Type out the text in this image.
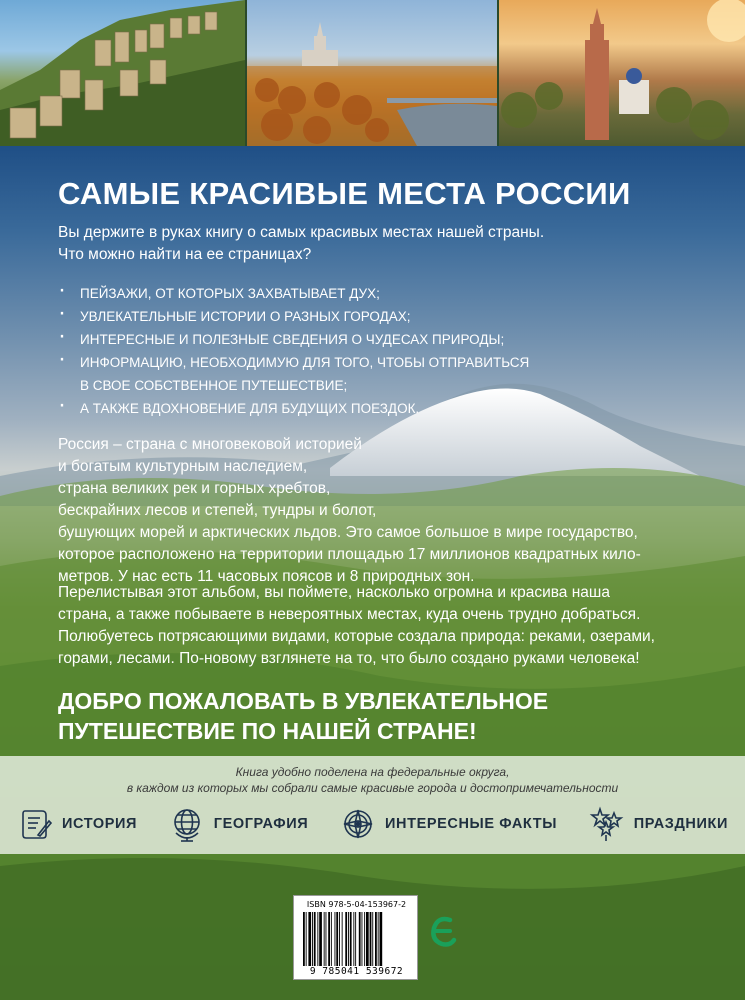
САМЫЕ КРАСИВЫЕ МЕСТА РОССИИ
Вы держите в руках книгу о самых красивых местах нашей страны.
Что можно найти на ее страницах?
· ПЕЙЗАЖИ, ОТ КОТОРЫХ ЗАХВАТЫВАЕТ ДУХ;
· УВЛЕКАТЕЛЬНЫЕ ИСТОРИИ О РАЗНЫХ ГОРОДАХ;
· ИНТЕРЕСНЫЕ И ПОЛЕЗНЫЕ СВЕДЕНИЯ О ЧУДЕСАХ ПРИРОДЫ;
· ИНФОРМАЦИЮ, НЕОБХОДИМУЮ ДЛЯ ТОГО, ЧТОБЫ ОТПРАВИТЬСЯ
В СВОЕ СОБСТВЕННОЕ ПУТЕШЕСТВИЕ;
· А ТАКЖЕ ВДОХНОВЕНИЕ ДЛЯ БУДУЩИХ ПОЕЗДОК.
Россия – страна с многовековой историей
и богатым культурным наследием,
страна великих рек и горных хребтов,
бескрайних лесов и степей, тундры и болот,
бушующих морей и арктических льдов. Это самое большое в мире государство,
которое расположено на территории площадью 17 миллионов квадратных кило-
метров. У нас есть 11 часовых поясов и 8 природных зон.
Перелистывая этот альбом, вы поймете, насколько огромна и красива наша
страна, а также побываете в невероятных местах, куда очень трудно добраться.
Полюбуетесь потрясающими видами, которые создала природа: реками, озерами,
горами, лесами. По-новому взглянете на то, что было создано руками человека!
ДОБРО ПОЖАЛОВАТЬ В УВЛЕКАТЕЛЬНОЕ
ПУТЕШЕСТВИЕ ПО НАШЕЙ СТРАНЕ!
Книга удобно поделена на федеральные округа,
в каждом из которых мы собрали самые красивые города и достопримечательности
ИСТОРИЯ	ГЕОГРАФИЯ	ИНТЕРЕСНЫЕ ФАКТЫ	ПРАЗДНИКИ
ISBN 978-5-04-153967-2
9 785041 539672
